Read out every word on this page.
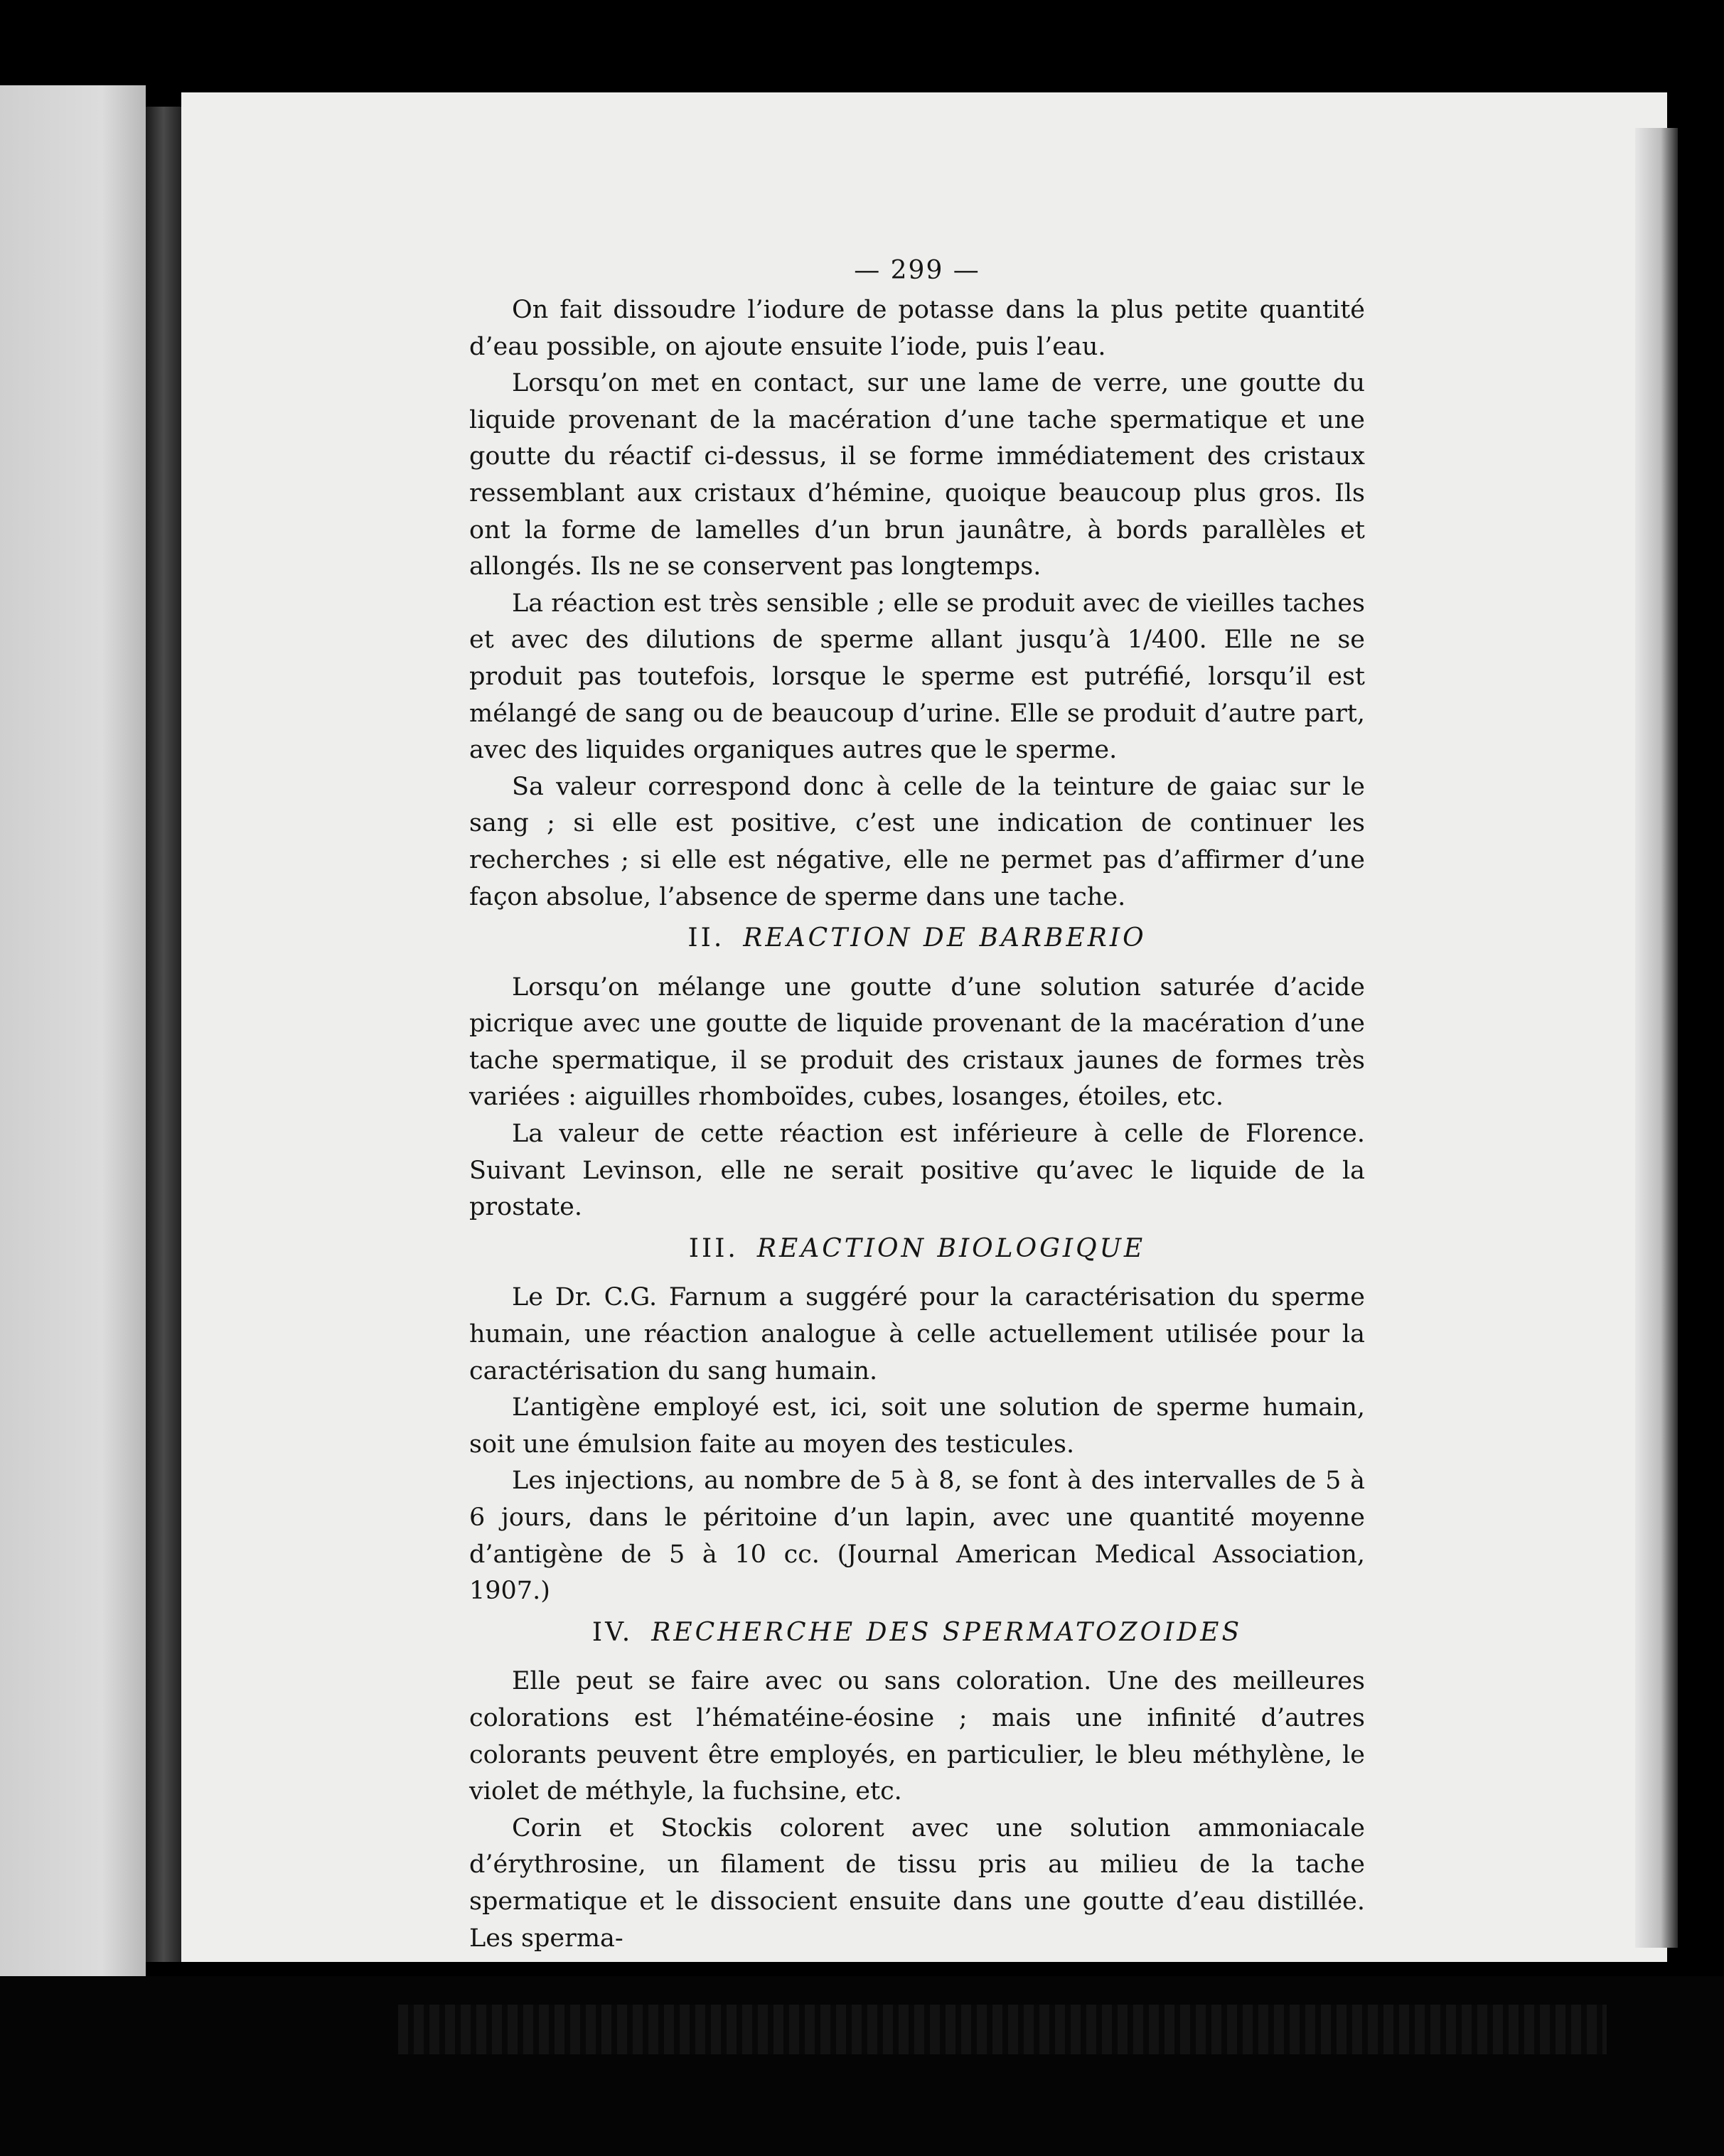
— 299 —

On fait dissoudre l’iodure de potasse dans la plus petite quantité d’eau possible, on ajoute ensuite l’iode, puis l’eau.

Lorsqu’on met en contact, sur une lame de verre, une goutte du liquide provenant de la macération d’une tache spermatique et une goutte du réactif ci-dessus, il se forme immédiatement des cristaux ressemblant aux cristaux d’hémine, quoique beaucoup plus gros. Ils ont la forme de lamelles d’un brun jaunâtre, à bords parallèles et allongés. Ils ne se conservent pas longtemps.

La réaction est très sensible ; elle se produit avec de vieilles taches et avec des dilutions de sperme allant jusqu’à 1/400. Elle ne se produit pas toutefois, lorsque le sperme est putréfié, lorsqu’il est mélangé de sang ou de beaucoup d’urine. Elle se produit d’autre part, avec des liquides organiques autres que le sperme.

Sa valeur correspond donc à celle de la teinture de gaiac sur le sang ; si elle est positive, c’est une indication de continuer les recherches ; si elle est négative, elle ne permet pas d’affirmer d’une façon absolue, l’absence de sperme dans une tache.

II. REACTION DE BARBERIO

Lorsqu’on mélange une goutte d’une solution saturée d’acide picrique avec une goutte de liquide provenant de la macération d’une tache spermatique, il se produit des cristaux jaunes de formes très variées : aiguilles rhomboïdes, cubes, losanges, étoiles, etc.

La valeur de cette réaction est inférieure à celle de Florence. Suivant Levinson, elle ne serait positive qu’avec le liquide de la prostate.

III. REACTION BIOLOGIQUE

Le Dr. C.G. Farnum a suggéré pour la caractérisation du sperme humain, une réaction analogue à celle actuellement utilisée pour la caractérisation du sang humain.

L’antigène employé est, ici, soit une solution de sperme humain, soit une émulsion faite au moyen des testicules.

Les injections, au nombre de 5 à 8, se font à des intervalles de 5 à 6 jours, dans le péritoine d’un lapin, avec une quantité moyenne d’antigène de 5 à 10 cc. (Journal American Medical Association, 1907.)

IV. RECHERCHE DES SPERMATOZOIDES

Elle peut se faire avec ou sans coloration. Une des meilleures colorations est l’hématéine-éosine ; mais une infinité d’autres colorants peuvent être employés, en particulier, le bleu méthylène, le violet de méthyle, la fuchsine, etc.

Corin et Stockis colorent avec une solution ammoniacale d’érythrosine, un filament de tissu pris au milieu de la tache spermatique et le dissocient ensuite dans une goutte d’eau distillée. Les sperma-
